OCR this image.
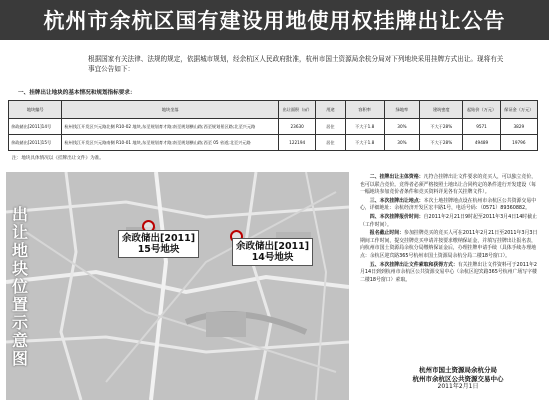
杭州市余杭区国有建设用地使用权挂牌出让公告
根据国家有关法律、法规的规定，依据城市规划，经余杭区人民政府批准，杭州市国土资源局余杭分局对下列地块采用挂牌方式出让。现将有关事宜公告如下：
一、挂牌出让地块的基本情况和规划指标要求：
地块编号	地块坐落	出让面积（㎡）	用途	容积率	绿地率	建筑密度	起始价（万元）	保证金（万元）
余政储出[2011]14号	杭州钱江开发区兴元路北侧 R10-02 地块,东至规划育才路;南至规划横山路;西至规划景区路;北至兴元路	23630	居住	不大于1.8	30%	不大于28%	9571	3829
余政储出[2011]15号	杭州钱江开发区兴元路南侧 R10-01 地块,东至规划育才路;南至规划横山路;西至 05 省道;北至兴元路	122194	居住	不大于1.8	30%	不大于28%	49489	19796
注：地块具体情况以《挂牌出让文件》为准。
出让地块位置示意图	余政储出[2011]
15号地块	余政储出[2011]
14号地块

二、挂牌出让主体资格：凡符合挂牌出让文件要求的竞买人，可以独立竞价，也可以联合竞价。竞得者必须严格按照土地出让合同约定的条件进行开发建设（每一幅地块参加竞价者条件和竞买资料详见各有关挂牌文件）。

三、本次挂牌出让地点：本次土地挂牌地点设在杭州市余杭区公共资源交易中心，详细地址：余杭经济开发区宏丰路1号，电话号码：（0571）89360882。

四、本次挂牌报价时间：自2011年2月21日9时起至2011年3月4日14时截止（工作时间）。

报名截止时间：参加挂牌竞买的竞买人可在2011年2月21日至2011年3月3日期间工作时间，提交挂牌竞买申请并按要求缴纳保证金，并填写挂牌出让报名表，向杭州市国土资源局余杭分局缴纳保证金后，办理挂牌申请手续（具体手续办理地点：余杭区迎宾路365号杭州市国土资源局余杭分局二楼18号窗口）。

五、本次挂牌出让文件索取和获得方式：有关挂牌出让文件资料可于2011年2月14日到到杭州市余杭区公共资源交易中心（余杭区迎宾路365号杭州广场写字楼二楼18号窗口）索取。

杭州市国土资源局余杭分局
杭州市余杭区公共资源交易中心
2011年2月1日
